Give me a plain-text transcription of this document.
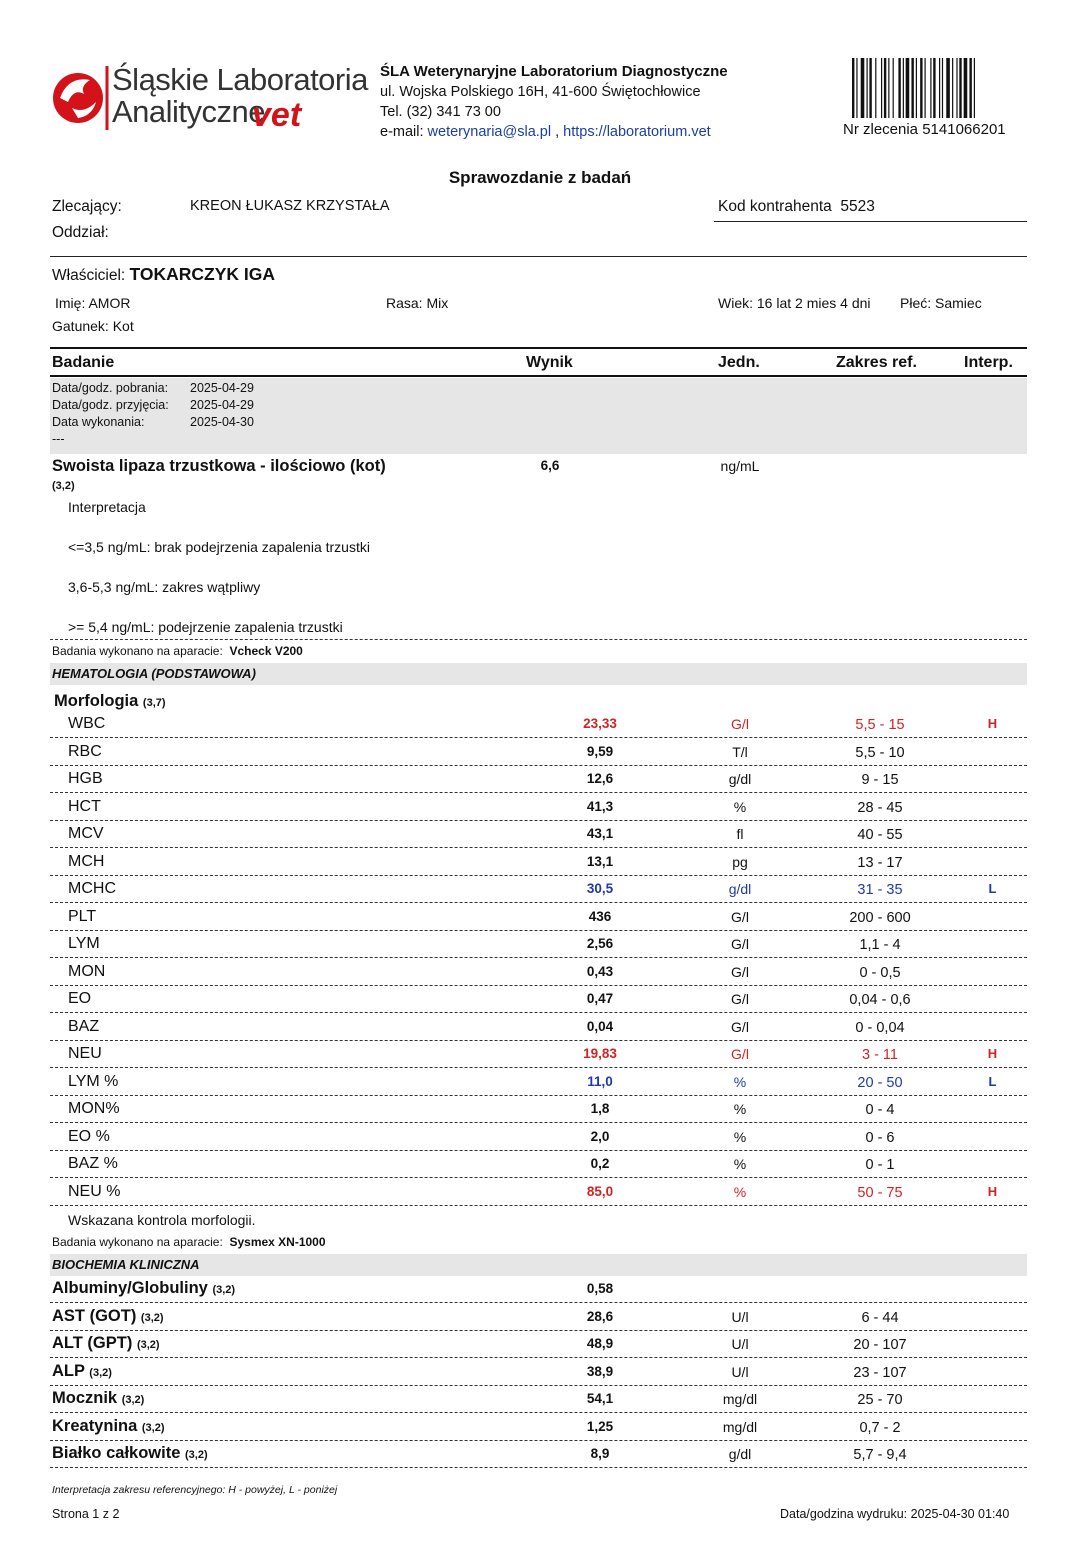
Śląskie Laboratoria
Analityczne
vet
ŚLA Weterynaryjne Laboratorium Diagnostyczne
ul. Wojska Polskiego 16H, 41-600 Świętochłowice
Tel. (32) 341 73 00
e-mail: weterynaria@sla.pl , https://laboratorium.vet	Nr zlecenia 5141066201
Sprawozdanie z badań
Zlecający:	KREON ŁUKASZ KRZYSTAŁA
Oddział:
Kod kontrahenta 5523
Właściciel: TOKARCZYK IGA
Imię: AMOR	Rasa: Mix	Wiek: 16 lat 2 mies 4 dni Płeć: Samiec
Gatunek: Kot
Badanie	Wynik	Jedn.	Zakres ref.	Interp.
Data/godz. pobrania: 2025-04-29
Data/godz. przyjęcia: 2025-04-29
Data wykonania:	2025-04-30
---
Swoista lipaza trzustkowa - ilościowo (kot)
(3,2)
6,6	ng/mL
Interpretacja
<=3,5 ng/mL: brak podejrzenia zapalenia trzustki
3,6-5,3 ng/mL: zakres wątpliwy
>= 5,4 ng/mL: podejrzenie zapalenia trzustki
Badania wykonano na aparacie: Vcheck V200
HEMATOLOGIA (PODSTAWOWA)
Morfologia (3,7)
WBC	23,33	G/l	5,5 - 15	H
RBC	9,59	T/l	5,5 - 10
HGB	12,6	g/dl	9 - 15
HCT	41,3	%	28 - 45
MCV	43,1	fl	40 - 55
MCH	13,1	pg	13 - 17
MCHC	30,5	g/dl	31 - 35	L
PLT	436	G/l	200 - 600
LYM	2,56	G/l	1,1 - 4
MON	0,43	G/l	0 - 0,5
EO	0,47	G/l	0,04 - 0,6
BAZ	0,04	G/l	0 - 0,04
NEU	19,83	G/l	3 - 11	H
LYM %	11,0	%	20 - 50	L
MON%	1,8	%	0 - 4
EO %	2,0	%	0 - 6
BAZ %	0,2	%	0 - 1
NEU %	85,0	%	50 - 75	H
Wskazana kontrola morfologii.
Badania wykonano na aparacie: Sysmex XN-1000
BIOCHEMIA KLINICZNA
Albuminy/Globuliny (3,2)	0,58
AST (GOT) (3,2)	28,6	U/l	6 - 44
ALT (GPT) (3,2)	48,9	U/l	20 - 107
ALP (3,2)	38,9	U/l	23 - 107
Mocznik (3,2)	54,1	mg/dl	25 - 70
Kreatynina (3,2)	1,25	mg/dl	0,7 - 2
Białko całkowite (3,2)	8,9	g/dl	5,7 - 9,4
Interpretacja zakresu referencyjnego: H - powyżej, L - poniżej
Strona 1 z 2	Data/godzina wydruku: 2025-04-30 01:40
